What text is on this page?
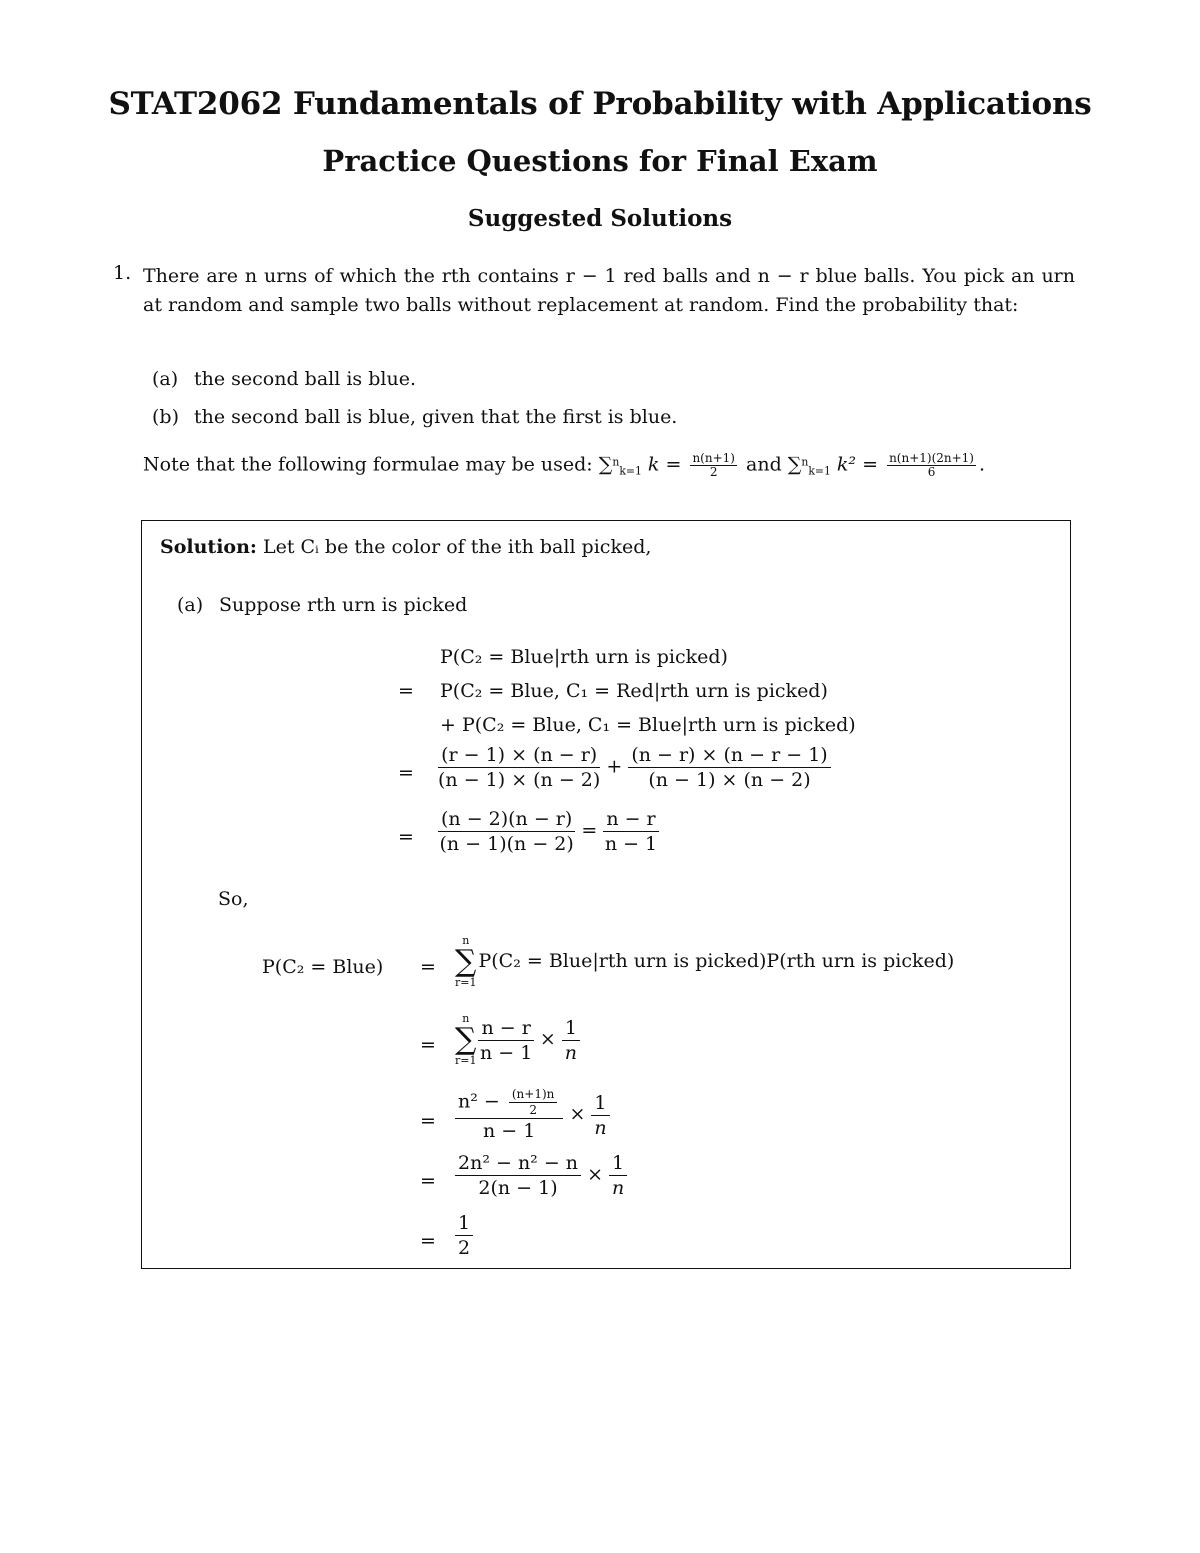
STAT2062 Fundamentals of Probability with Applications
Practice Questions for Final Exam
Suggested Solutions
1. There are n urns of which the rth contains r − 1 red balls and n − r blue balls. You pick an urn at random and sample two balls without replacement at random. Find the probability that:
(a) the second ball is blue.
(b) the second ball is blue, given that the first is blue.
Note that the following formulae may be used: ∑$^n_{k=1}$ $k = \frac{n(n+1)}{2}$ and ∑$^n_{k=1}$ $k^2 = \frac{n(n+1)(2n+1)}{6}$ .
Solution: Let Cᵢ be the color of the ith ball picked,
(a) Suppose rth urn is picked
P(C₂ = Blue|rth urn is picked)
= P(C₂ = Blue, C₁ = Red|rth urn is picked)
+ P(C₂ = Blue, C₁ = Blue|rth urn is picked)
= $\frac{(r - 1) \times (n - r)}{(n - 1) \times (n - 2)} + \frac{(n - r) \times (n - r - 1)}{(n - 1) \times (n - 2)}$
= $\frac{(n - 2)(n - r)}{(n - 1)(n - 2)} = \frac{n - r}{n - 1}$
So,
P(C₂ = Blue) =
n
∑
r=1
P(C₂ = Blue|rth urn is picked)P(rth urn is picked)
=
n
∑
$r=1 \frac{n - r}{n - 1} \times \frac{1}{n}$
= $\frac{n^2 - \frac{(n+1)n}{2}}{n - 1} \times \frac{1}{n}$
= $\frac{\text{2n² − n² − n}}{2(n - 1)} \times \frac{1}{n}$
= $\frac{1}{2}$
